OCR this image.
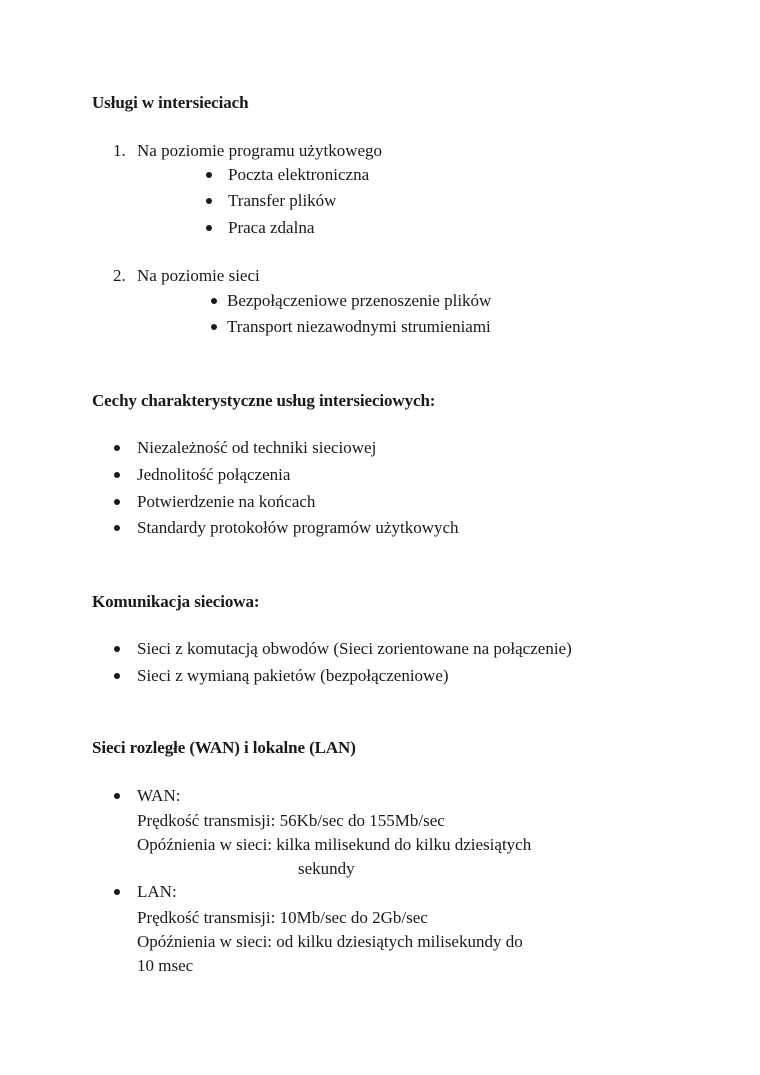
Usługi w intersieciach
1. Na poziomie programu użytkowego
Poczta elektroniczna
Transfer plików
Praca zdalna
2. Na poziomie sieci
Bezpołączeniowe przenoszenie plików
Transport niezawodnymi strumieniami
Cechy charakterystyczne usług intersieciowych:
Niezależność od techniki sieciowej
Jednolitość połączenia
Potwierdzenie na końcach
Standardy protokołów programów użytkowych
Komunikacja sieciowa:
Sieci z komutacją obwodów (Sieci zorientowane na połączenie)
Sieci z wymianą pakietów (bezpołączeniowe)
Sieci rozległe (WAN) i lokalne (LAN)
WAN:
Prędkość transmisji: 56Kb/sec do 155Mb/sec
Opóźnienia w sieci: kilka milisekund do kilku dziesiątych
sekundy
LAN:
Prędkość transmisji: 10Mb/sec do 2Gb/sec
Opóźnienia w sieci: od kilku dziesiątych milisekundy do
10 msec
